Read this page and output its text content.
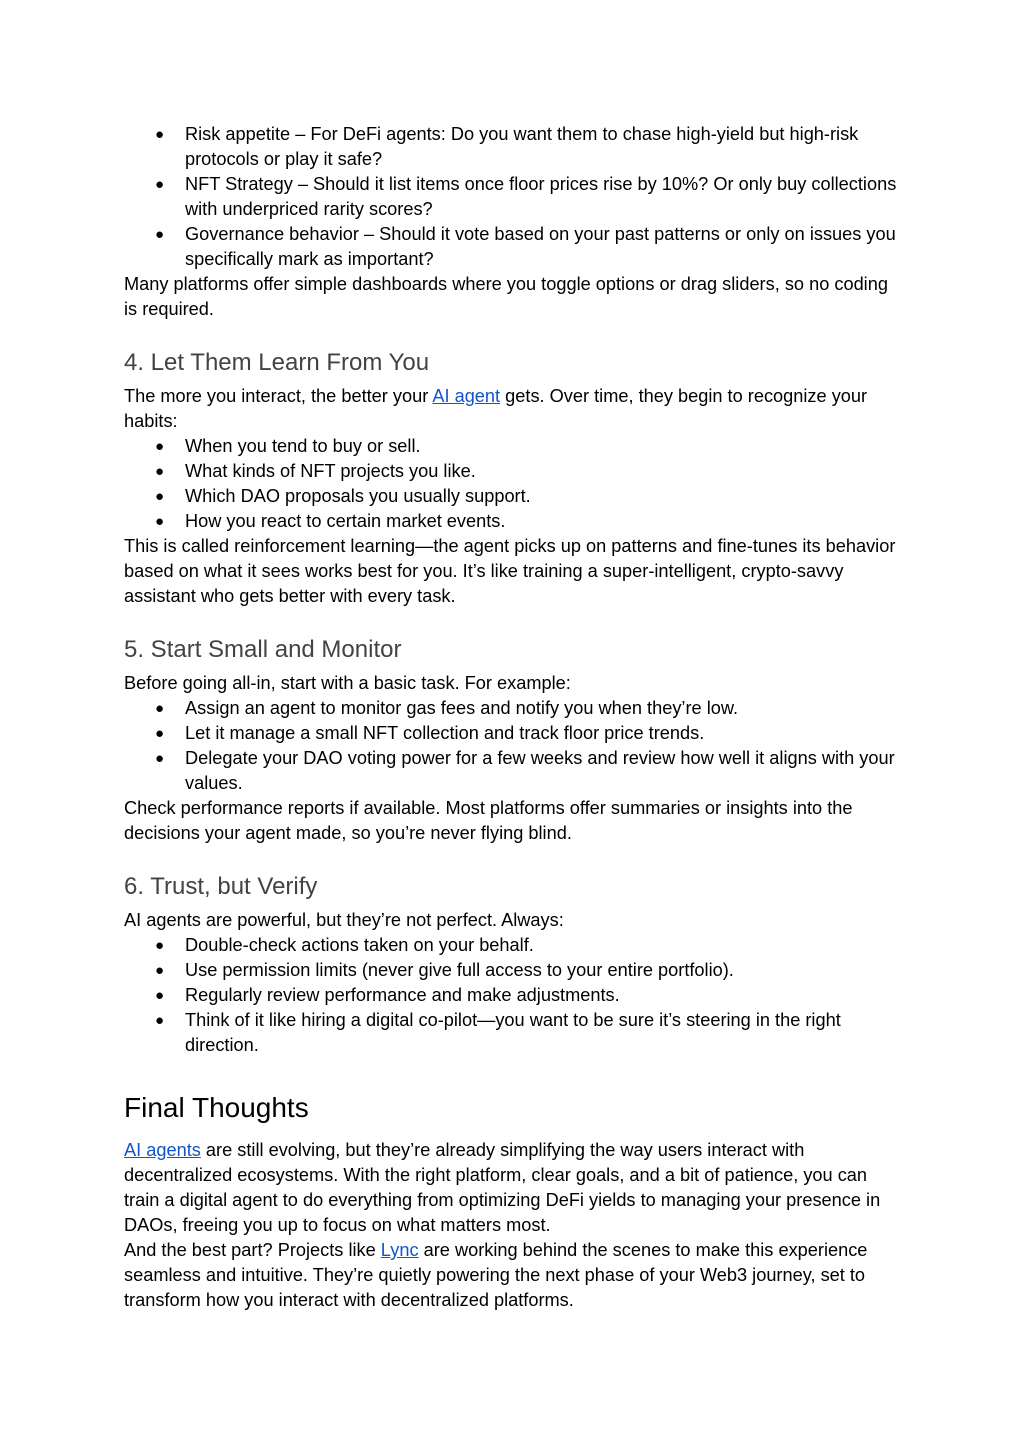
● Risk appetite – For DeFi agents: Do you want them to chase high-yield but high-risk protocols or play it safe?
● NFT Strategy – Should it list items once floor prices rise by 10%? Or only buy collections with underpriced rarity scores?
● Governance behavior – Should it vote based on your past patterns or only on issues you specifically mark as important?

Many platforms offer simple dashboards where you toggle options or drag sliders, so no coding is required.

4. Let Them Learn From You

The more you interact, the better your AI agent gets. Over time, they begin to recognize your habits:

● When you tend to buy or sell.
● What kinds of NFT projects you like.
● Which DAO proposals you usually support.
● How you react to certain market events.

This is called reinforcement learning—the agent picks up on patterns and fine-tunes its behavior based on what it sees works best for you. It’s like training a super-intelligent, crypto-savvy assistant who gets better with every task.

5. Start Small and Monitor

Before going all-in, start with a basic task. For example:

● Assign an agent to monitor gas fees and notify you when they’re low.
● Let it manage a small NFT collection and track floor price trends.
● Delegate your DAO voting power for a few weeks and review how well it aligns with your values.

Check performance reports if available. Most platforms offer summaries or insights into the decisions your agent made, so you’re never flying blind.

6. Trust, but Verify

AI agents are powerful, but they’re not perfect. Always:

● Double-check actions taken on your behalf.
● Use permission limits (never give full access to your entire portfolio).
● Regularly review performance and make adjustments.
● Think of it like hiring a digital co-pilot—you want to be sure it’s steering in the right direction.
Final Thoughts

AI agents are still evolving, but they’re already simplifying the way users interact with decentralized ecosystems. With the right platform, clear goals, and a bit of patience, you can train a digital agent to do everything from optimizing DeFi yields to managing your presence in DAOs, freeing you up to focus on what matters most.

And the best part? Projects like Lync are working behind the scenes to make this experience seamless and intuitive. They’re quietly powering the next phase of your Web3 journey, set to transform how you interact with decentralized platforms.
